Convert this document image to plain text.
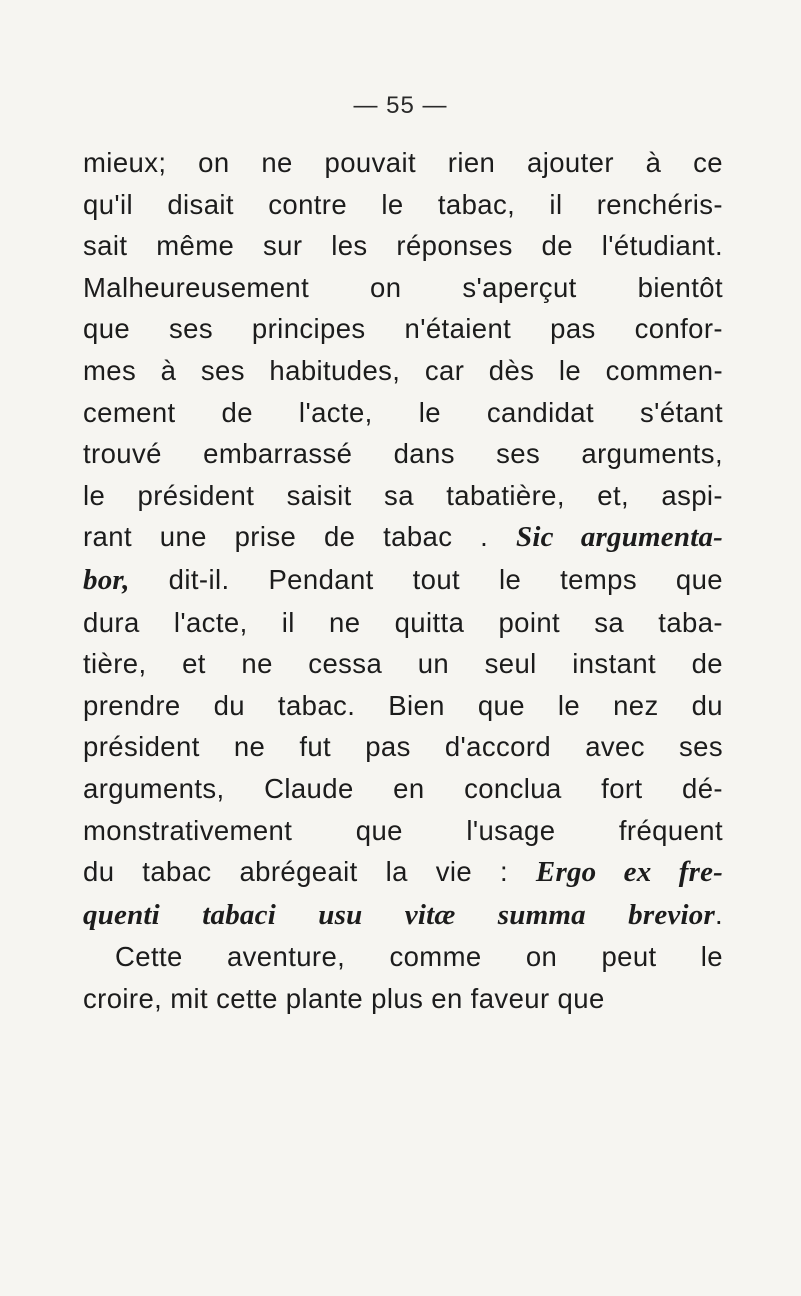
— 55 —
mieux; on ne pouvait rien ajouter à ce
qu'il disait contre le tabac, il renchéris-
sait même sur les réponses de l'étudiant.
Malheureusement on s'aperçut bientôt
que ses principes n'étaient pas confor-
mes à ses habitudes, car dès le commen-
cement de l'acte, le candidat s'étant
trouvé embarrassé dans ses arguments,
le président saisit sa tabatière, et, aspi-
rant une prise de tabac . Sic argumenta-
bor, dit-il. Pendant tout le temps que
dura l'acte, il ne quitta point sa taba-
tière, et ne cessa un seul instant de
prendre du tabac. Bien que le nez du
président ne fut pas d'accord avec ses
arguments, Claude en conclua fort dé-
monstrativement que l'usage fréquent
du tabac abrégeait la vie : Ergo ex fre-
quenti tabaci usu vitæ summa brevior.
Cette aventure, comme on peut le
croire, mit cette plante plus en faveur que
